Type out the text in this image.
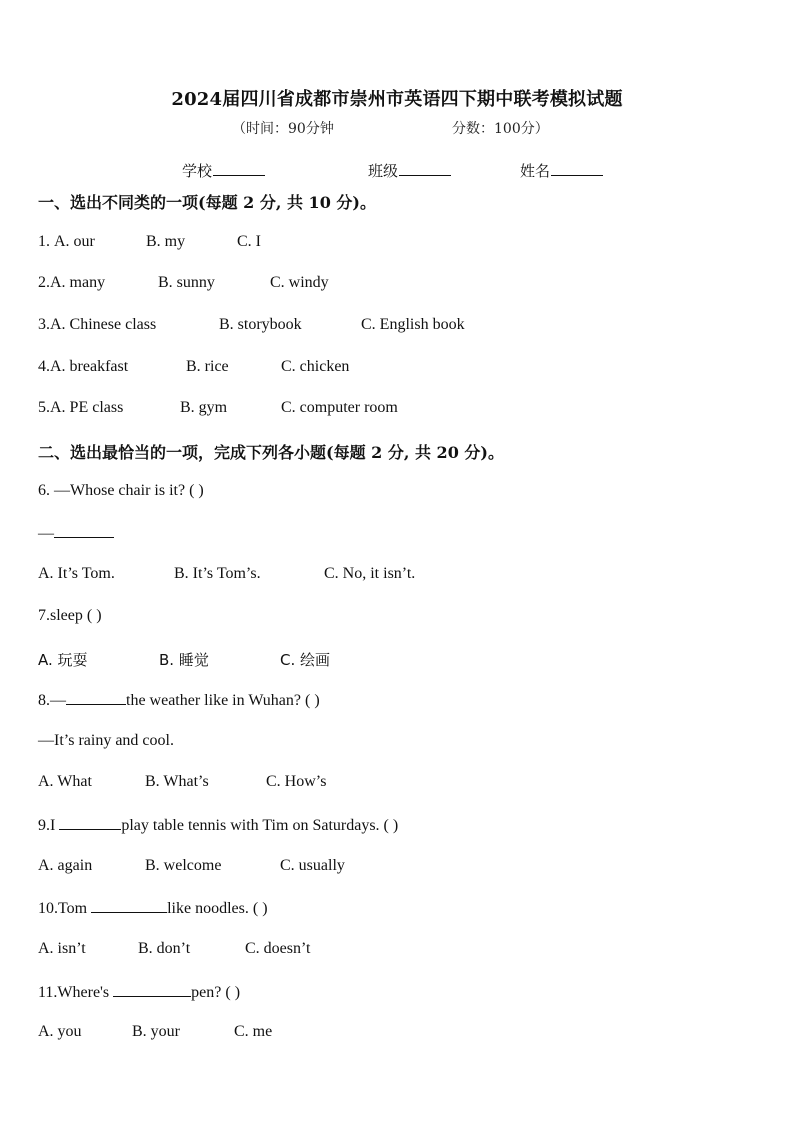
2024届四川省成都市崇州市英语四下期中联考模拟试题
（时间：90分钟	分数：100分）
学校	班级	姓名
一、选出不同类的一项(每题 2 分, 共 10 分)。
1. A. our	B. my	C. I
2.A. many	B. sunny	C. windy
3.A. Chinese class	B. storybook	C. English book
4.A. breakfast	B. rice	C. chicken
5.A. PE class	B. gym	C. computer room
二、选出最恰当的一项，完成下列各小题(每题 2 分, 共 20 分)。
6. —Whose chair is it? ( )
—
A. It’s Tom.	B. It’s Tom’s.	C. No, it isn’t.
7.sleep ( )
A. 玩耍	B. 睡觉	C. 绘画
8.—	the weather like in Wuhan? ( )
—It’s rainy and cool.
A. What	B. What’s	C. How’s
9.I	play table tennis with Tim on Saturdays. ( )
A. again	B. welcome	C. usually
10.Tom	like noodles. ( )
A. isn’t	B. don’t	C. doesn’t
11.Where's	pen? ( )
A. you	B. your	C. me
